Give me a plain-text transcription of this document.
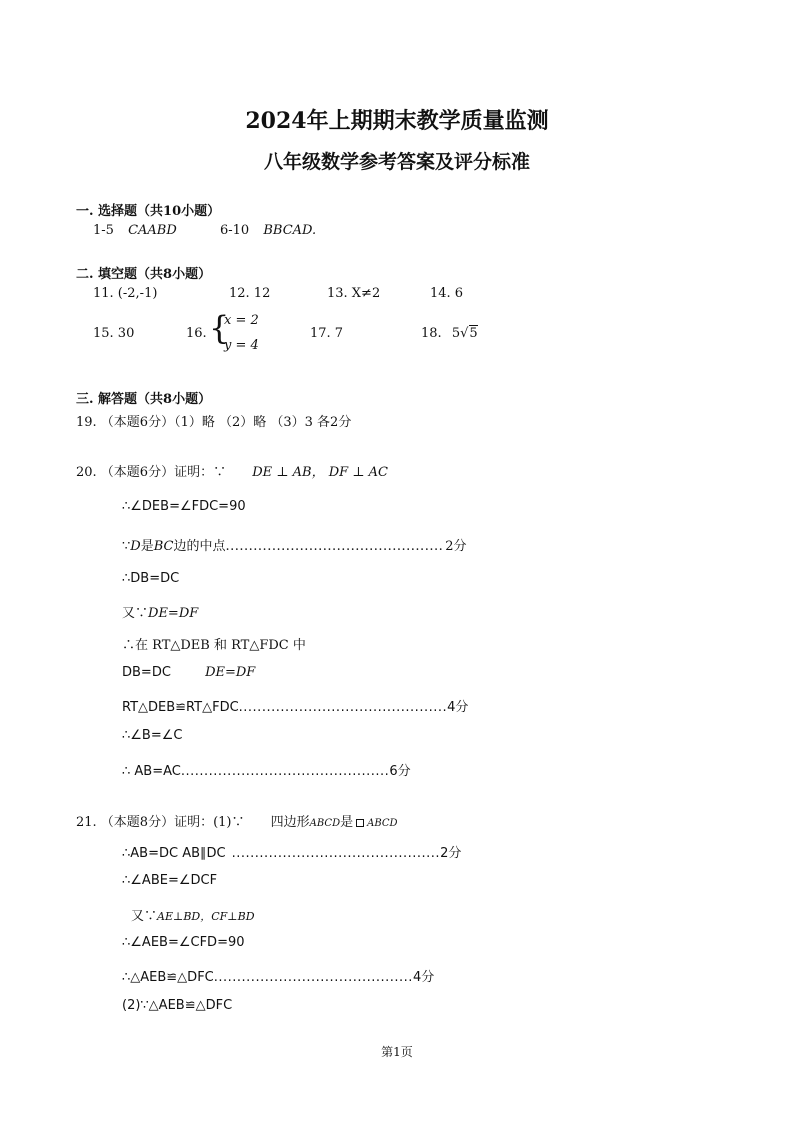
2024年上期期末教学质量监测
八年级数学参考答案及评分标准
一. 选择题（共10小题）
1-5 CAABD	6-10 BBCAD.
二. 填空题（共8小题）
11. (-2,-1)	12. 12	13. X≠2	14. 6
15. 30	16. {
x = 2
y = 4
17. 7	18. 5√5
三. 解答题（共8小题）
19. （本题6分）（1）略 （2）略 （3）3 各2分
20. （本题6分）证明：∵ DE ⊥ AB， DF ⊥ AC
∴∠DEB=∠FDC=90
∵D是BC边的中点............................................... 2分
∴DB=DC
又∵DE=DF
∴在 RT△DEB 和 RT△FDC 中
DB=DC	DE=DF
RT△DEB≌RT△FDC.............................................4分
∴∠B=∠C
∴ AB=AC.............................................6分
21. （本题8分）证明：(1)∵ 四边形ABCD是 ABCD
∴AB=DC AB∥DC .............................................2分
∴∠ABE=∠DCF
又∵AE⊥BD，CF⊥BD
∴∠AEB=∠CFD=90
∴△AEB≌△DFC...........................................4分
(2)∵△AEB≌△DFC
第1页
